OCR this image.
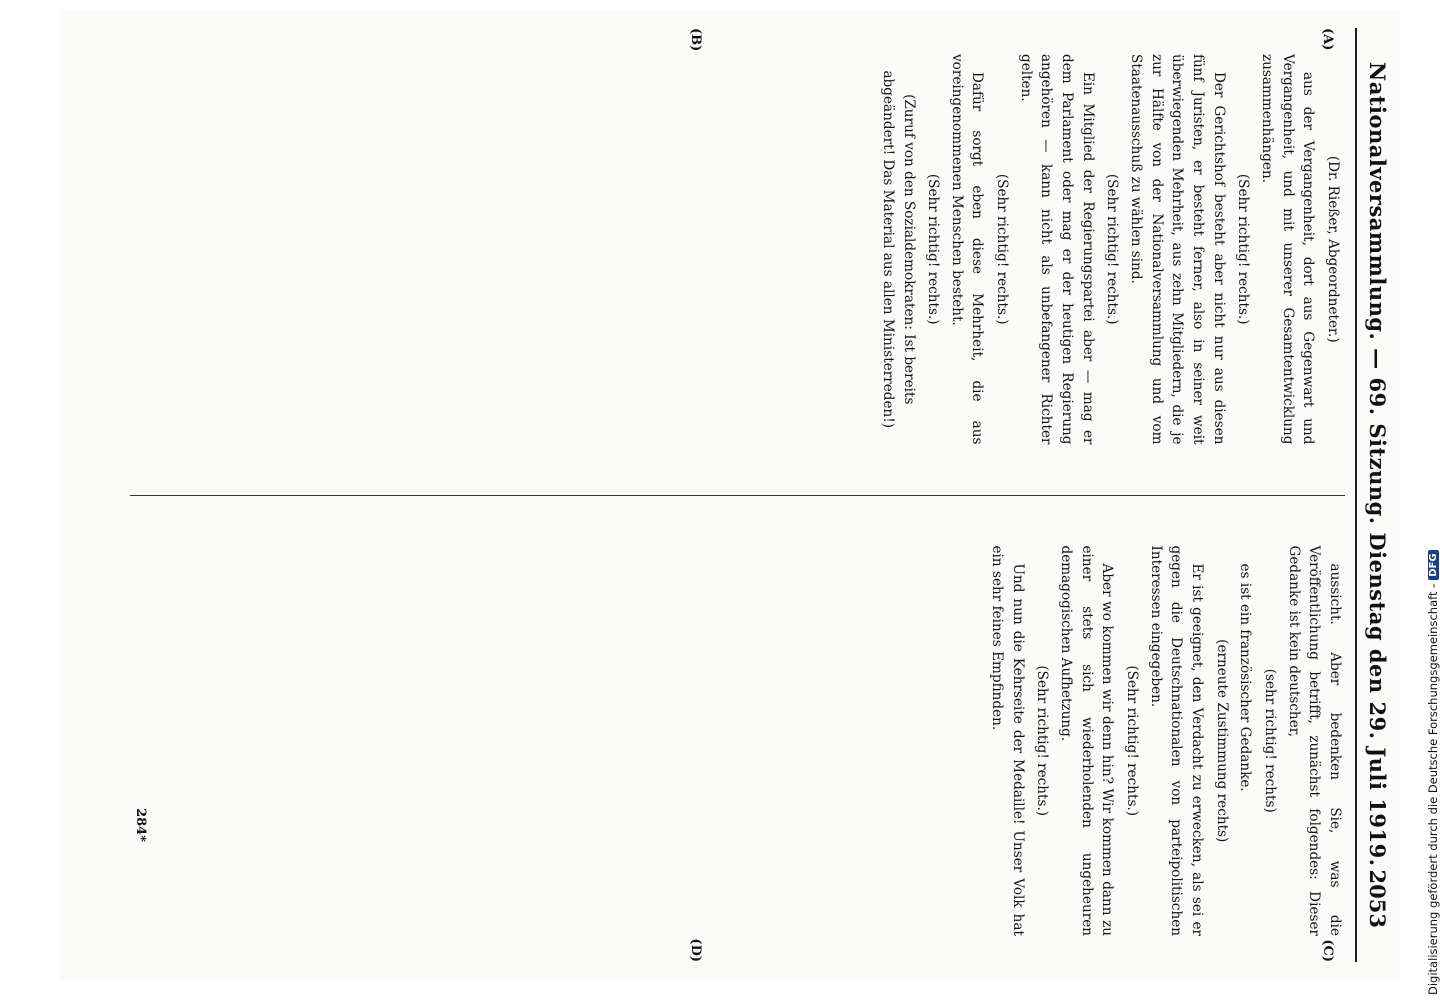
Nationalversammlung. — 69. Sitzung. Dienstag den 29. Juli 1919.
2053
(A)
(B)

(Dr. Rießer, Abgeordneter.)

aus der Vergangenheit, dort aus Gegenwart und Vergangenheit, und mit unserer Gesamtentwicklung zusammenhängen.

(Sehr richtig! rechts.)

Der Gerichtshof besteht aber nicht nur aus diesen fünf Juristen, er besteht ferner, also in seiner weit überwiegenden Mehrheit, aus zehn Mitgliedern, die je zur Hälfte von der Nationalversammlung und vom Staatenausschuß zu wählen sind.

(Sehr richtig! rechts.)

Ein Mitglied der Regierungspartei aber — mag er dem Parlament oder mag er der heutigen Regierung angehören — kann nicht als unbefangener Richter gelten.

(Sehr richtig! rechts.)

Dafür sorgt eben diese Mehrheit, die aus voreingenommenen Menschen besteht.

(Sehr richtig! rechts.)

(Zuruf von den Sozialdemokraten: Ist bereits abgeändert! Das Material aus allen Ministerreden!)

(C)
(D)

aussicht. Aber bedenken Sie, was die Veröffentlichung betrifft, zunächst folgendes: Dieser Gedanke ist kein deutscher,

(sehr richtig! rechts)

es ist ein französischer Gedanke.

(erneute Zustimmung rechts)

Er ist geeignet, den Verdacht zu erwecken, als sei er gegen die Deutschnationalen von parteipolitischen Interessen eingegeben.

(Sehr richtig! rechts.)

Aber wo kommen wir denn hin? Wir kommen dann zu einer stets sich wiederholenden ungeheuren demagogischen Aufhetzung.

(Sehr richtig! rechts.)

Und nun die Kehrseite der Medaille! Unser Volk hat ein sehr feines Empfinden.

284*	Digitalisierung gefördert durch die Deutsche Forschungsgemeinschaft -
DFG
